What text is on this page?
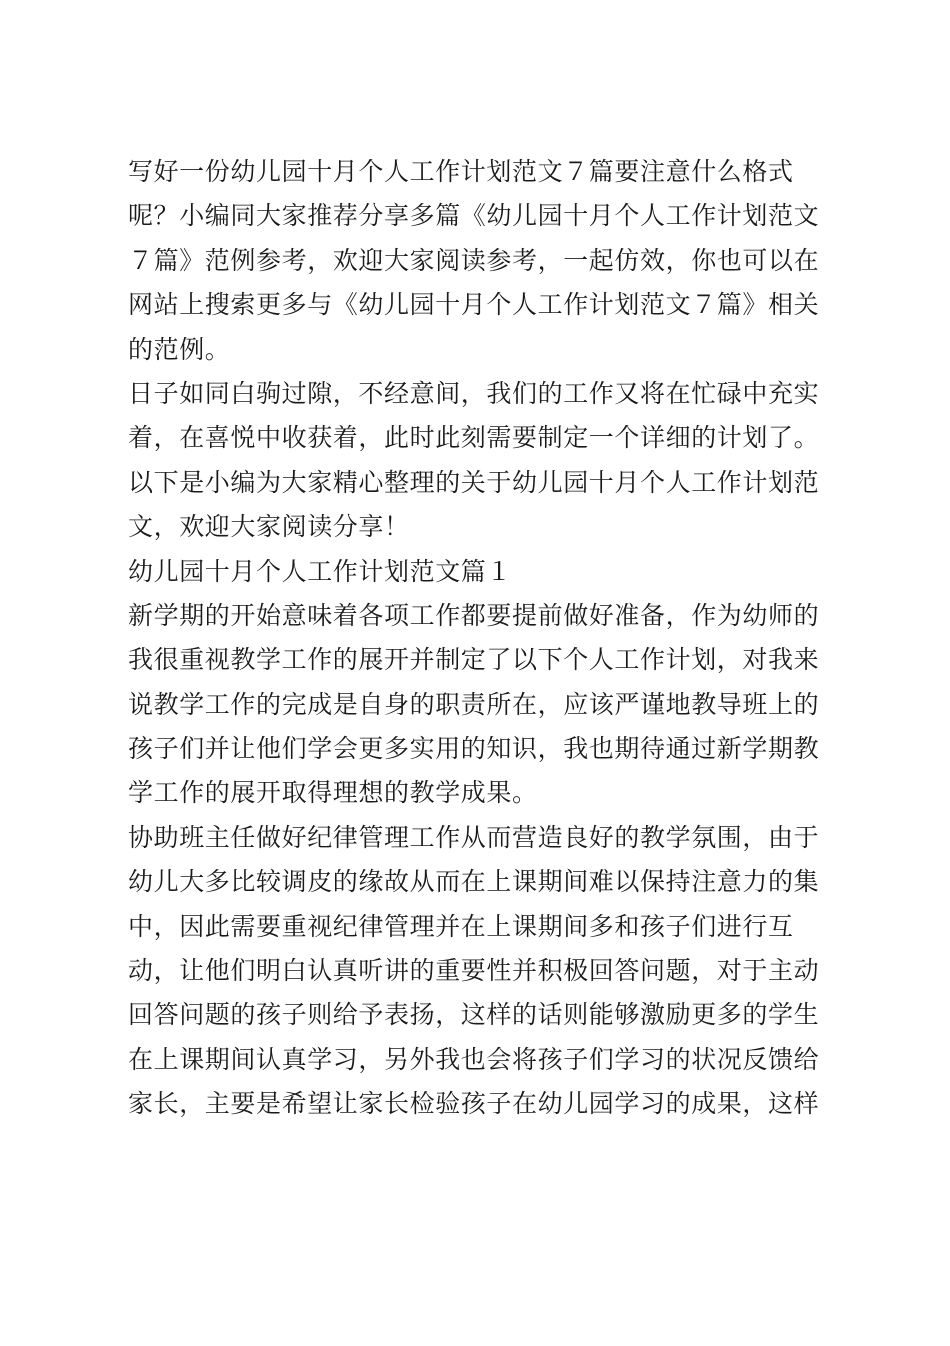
写好一份幼儿园十月个人工作计划范文７篇要注意什么格式
呢？小编同大家推荐分享多篇《幼儿园十月个人工作计划范文
７篇》范例参考，欢迎大家阅读参考，一起仿效，你也可以在
网站上搜索更多与《幼儿园十月个人工作计划范文７篇》相关
的范例。
日子如同白驹过隙，不经意间，我们的工作又将在忙碌中充实
着，在喜悦中收获着，此时此刻需要制定一个详细的计划了。
以下是小编为大家精心整理的关于幼儿园十月个人工作计划范
文，欢迎大家阅读分享！
幼儿园十月个人工作计划范文篇１
新学期的开始意味着各项工作都要提前做好准备，作为幼师的
我很重视教学工作的展开并制定了以下个人工作计划，对我来
说教学工作的完成是自身的职责所在，应该严谨地教导班上的
孩子们并让他们学会更多实用的知识，我也期待通过新学期教
学工作的展开取得理想的教学成果。
协助班主任做好纪律管理工作从而营造良好的教学氛围，由于
幼儿大多比较调皮的缘故从而在上课期间难以保持注意力的集
中，因此需要重视纪律管理并在上课期间多和孩子们进行互
动，让他们明白认真听讲的重要性并积极回答问题，对于主动
回答问题的孩子则给予表扬，这样的话则能够激励更多的学生
在上课期间认真学习，另外我也会将孩子们学习的状况反馈给
家长，主要是希望让家长检验孩子在幼儿园学习的成果，这样
